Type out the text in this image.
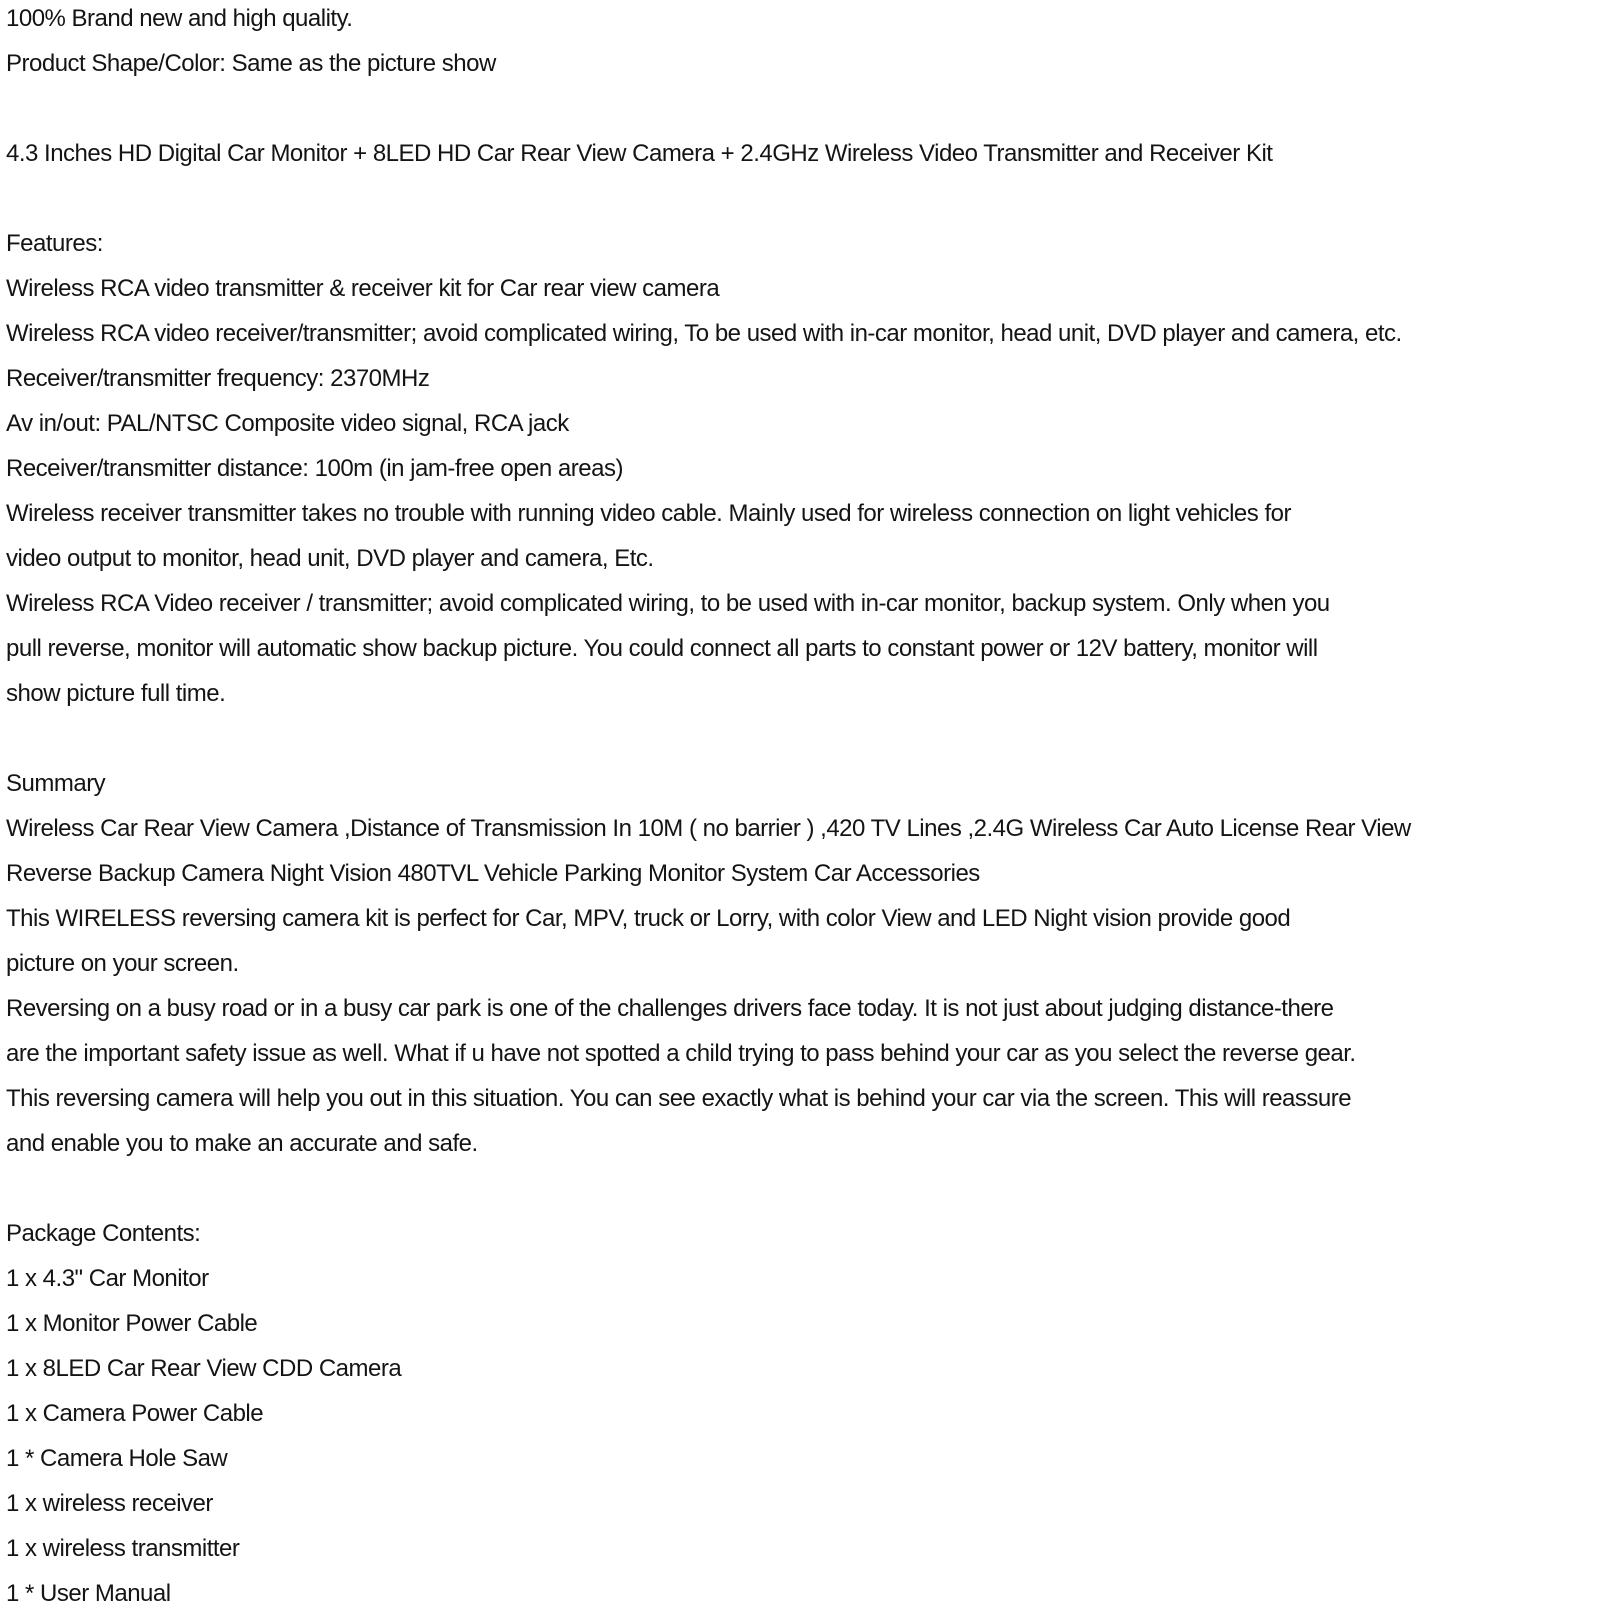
100% Brand new and high quality.
Product Shape/Color: Same as the picture show
4.3 Inches HD Digital Car Monitor + 8LED HD Car Rear View Camera + 2.4GHz Wireless Video Transmitter and Receiver Kit
Features:
Wireless RCA video transmitter & receiver kit for Car rear view camera
Wireless RCA video receiver/transmitter; avoid complicated wiring, To be used with in-car monitor, head unit, DVD player and camera, etc.
Receiver/transmitter frequency: 2370MHz
Av in/out: PAL/NTSC Composite video signal, RCA jack
Receiver/transmitter distance: 100m (in jam-free open areas)
Wireless receiver transmitter takes no trouble with running video cable. Mainly used for wireless connection on light vehicles for
video output to monitor, head unit, DVD player and camera, Etc.
Wireless RCA Video receiver / transmitter; avoid complicated wiring, to be used with in-car monitor, backup system. Only when you
pull reverse, monitor will automatic show backup picture. You could connect all parts to constant power or 12V battery, monitor will
show picture full time.
Summary
Wireless Car Rear View Camera ,Distance of Transmission In 10M ( no barrier ) ,420 TV Lines ,2.4G Wireless Car Auto License Rear View
Reverse Backup Camera Night Vision 480TVL Vehicle Parking Monitor System Car Accessories
This WIRELESS reversing camera kit is perfect for Car, MPV, truck or Lorry, with color View and LED Night vision provide good
picture on your screen.
Reversing on a busy road or in a busy car park is one of the challenges drivers face today. It is not just about judging distance-there
are the important safety issue as well. What if u have not spotted a child trying to pass behind your car as you select the reverse gear.
This reversing camera will help you out in this situation. You can see exactly what is behind your car via the screen. This will reassure
and enable you to make an accurate and safe.
Package Contents:
1 x 4.3" Car Monitor
1 x Monitor Power Cable
1 x 8LED Car Rear View CDD Camera
1 x Camera Power Cable
1 * Camera Hole Saw
1 x wireless receiver
1 x wireless transmitter
1 * User Manual
